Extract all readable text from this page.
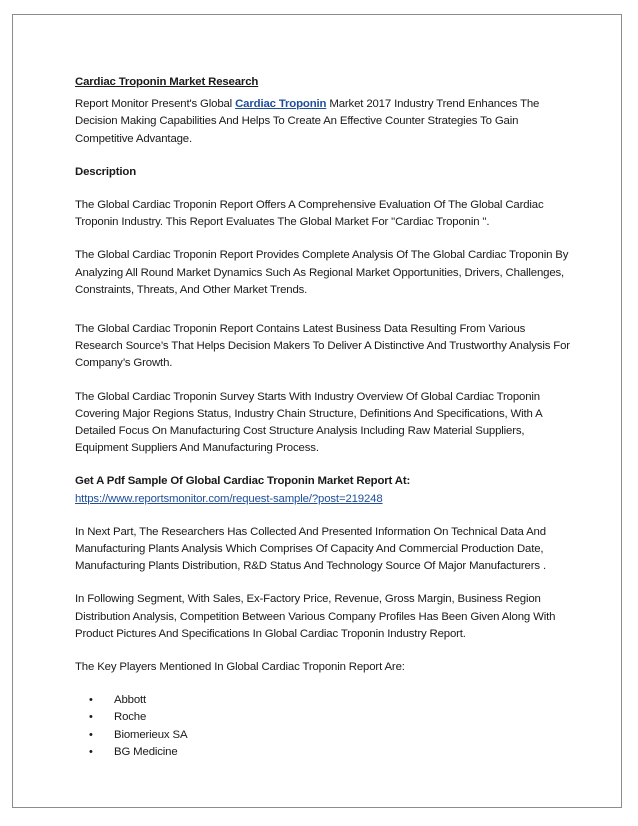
Cardiac Troponin Market Research

Report Monitor Present's Global Cardiac Troponin Market 2017 Industry Trend Enhances The Decision Making Capabilities And Helps To Create An Effective Counter Strategies To Gain Competitive Advantage.

Description

The Global Cardiac Troponin Report Offers A Comprehensive Evaluation Of The Global Cardiac Troponin Industry. This Report Evaluates The Global Market For "Cardiac Troponin ".

The Global Cardiac Troponin Report Provides Complete Analysis Of The Global Cardiac Troponin By Analyzing All Round Market Dynamics Such As Regional Market Opportunities, Drivers, Challenges, Constraints, Threats, And Other Market Trends.

The Global Cardiac Troponin Report Contains Latest Business Data Resulting From Various Research Source’s That Helps Decision Makers To Deliver A Distinctive And Trustworthy Analysis For Company’s Growth.

The Global Cardiac Troponin Survey Starts With Industry Overview Of Global Cardiac Troponin Covering Major Regions Status, Industry Chain Structure, Definitions And Specifications, With A Detailed Focus On Manufacturing Cost Structure Analysis Including Raw Material Suppliers, Equipment Suppliers And Manufacturing Process.

Get A Pdf Sample Of Global Cardiac Troponin Market Report At:

https://www.reportsmonitor.com/request-sample/?post=219248

In Next Part, The Researchers Has Collected And Presented Information On Technical Data And Manufacturing Plants Analysis Which Comprises Of Capacity And Commercial Production Date, Manufacturing Plants Distribution, R&D Status And Technology Source Of Major Manufacturers .

In Following Segment, With Sales, Ex-Factory Price, Revenue, Gross Margin, Business Region Distribution Analysis, Competition Between Various Company Profiles Has Been Given Along With Product Pictures And Specifications In Global Cardiac Troponin Industry Report.

The Key Players Mentioned In Global Cardiac Troponin Report Are:

• Abbott
• Roche
• Biomerieux SA
• BG Medicine
